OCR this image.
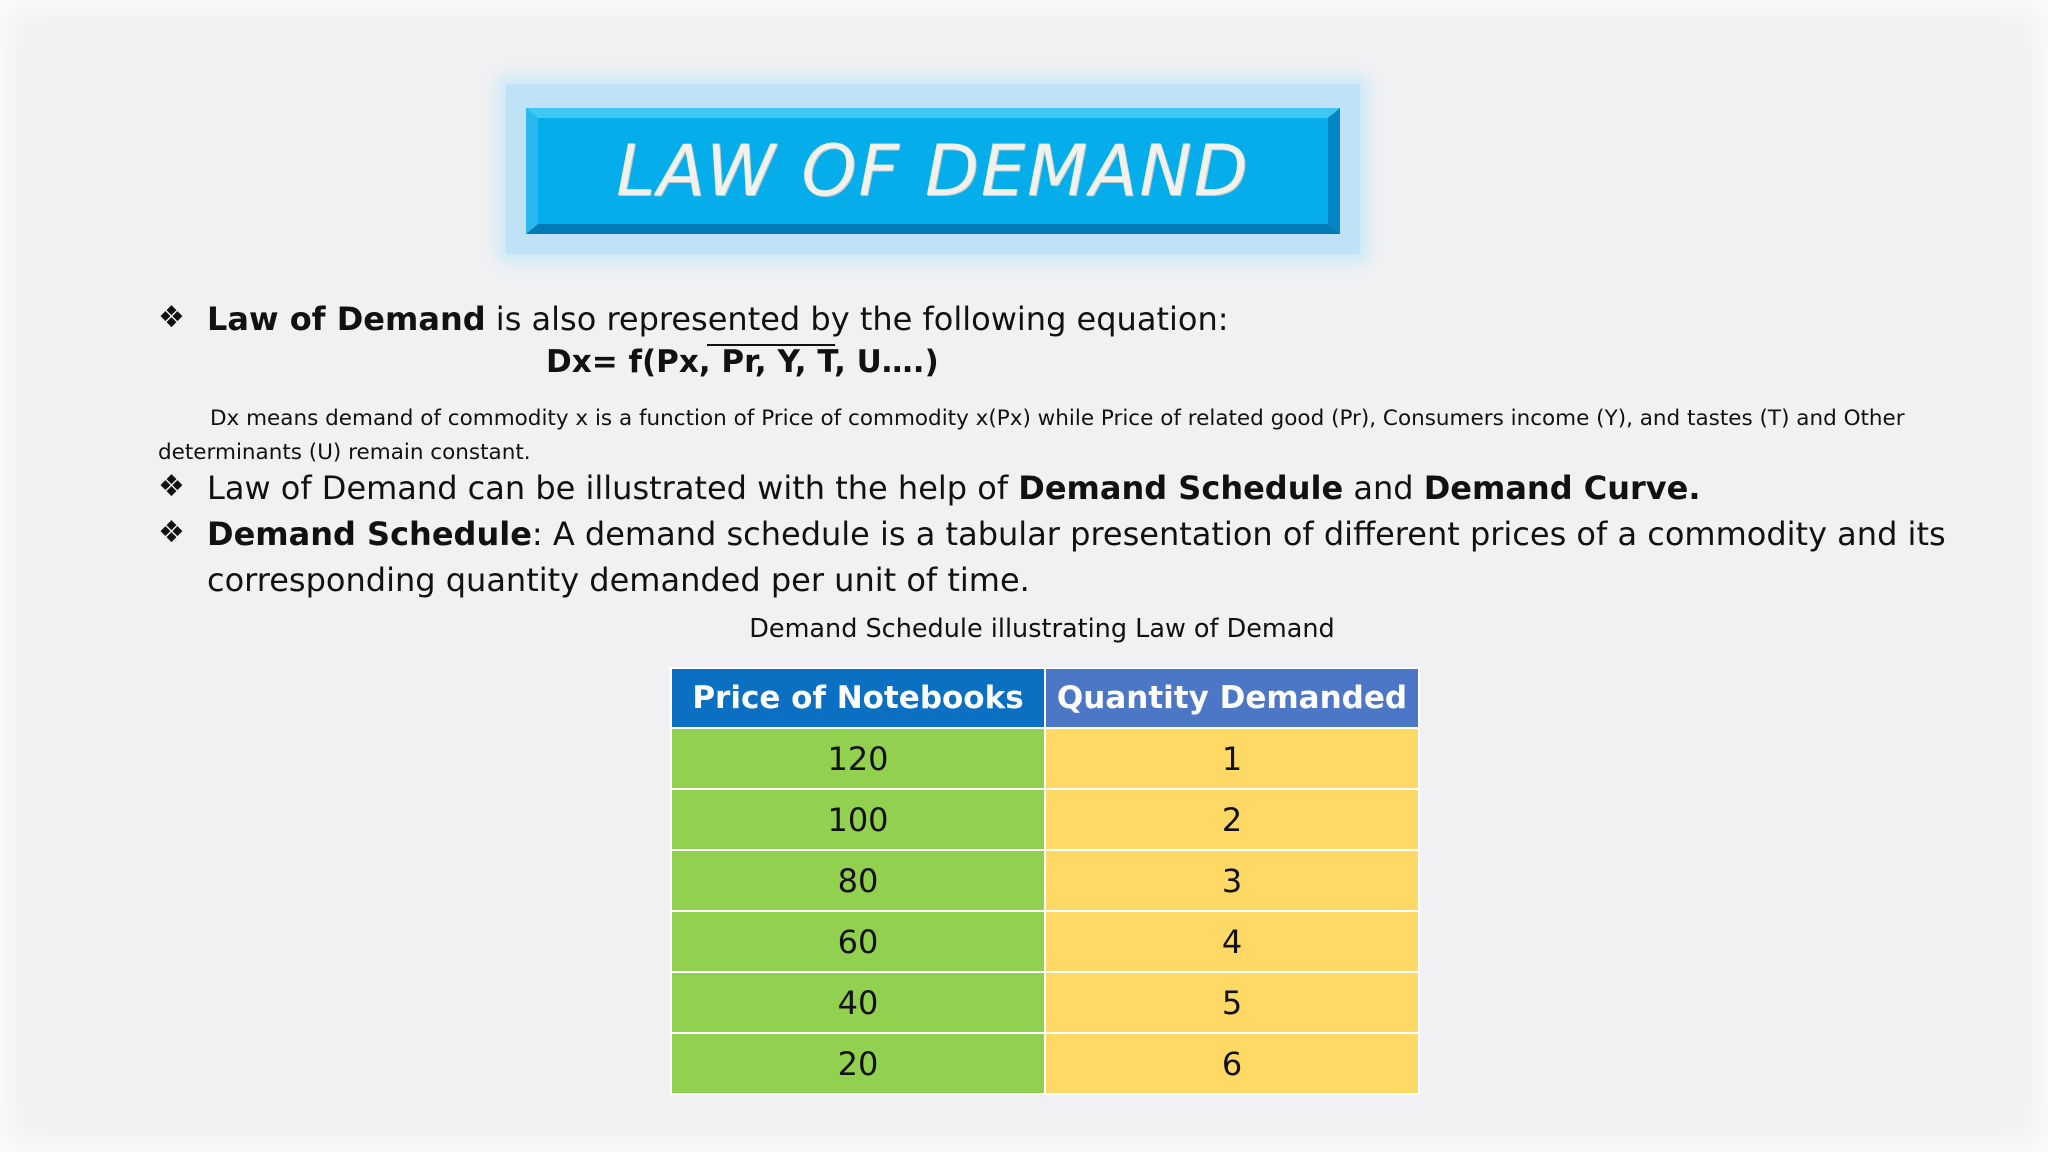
LAW OF DEMAND
❖ Law of Demand is also represented by the following equation:
Dx= f(Px, Pr, Y, T, U….)
Dx means demand of commodity x is a function of Price of commodity x(Px) while Price of related good (Pr), Consumers income (Y), and tastes (T) and Other determinants (U) remain constant.
❖ Law of Demand can be illustrated with the help of Demand Schedule and Demand Curve.
❖ Demand Schedule: A demand schedule is a tabular presentation of different prices of a commodity and its
corresponding quantity demanded per unit of time.
Demand Schedule illustrating Law of Demand
Price of Notebooks	Quantity Demanded
120	1
100	2
80	3
60	4
40	5
20	6
